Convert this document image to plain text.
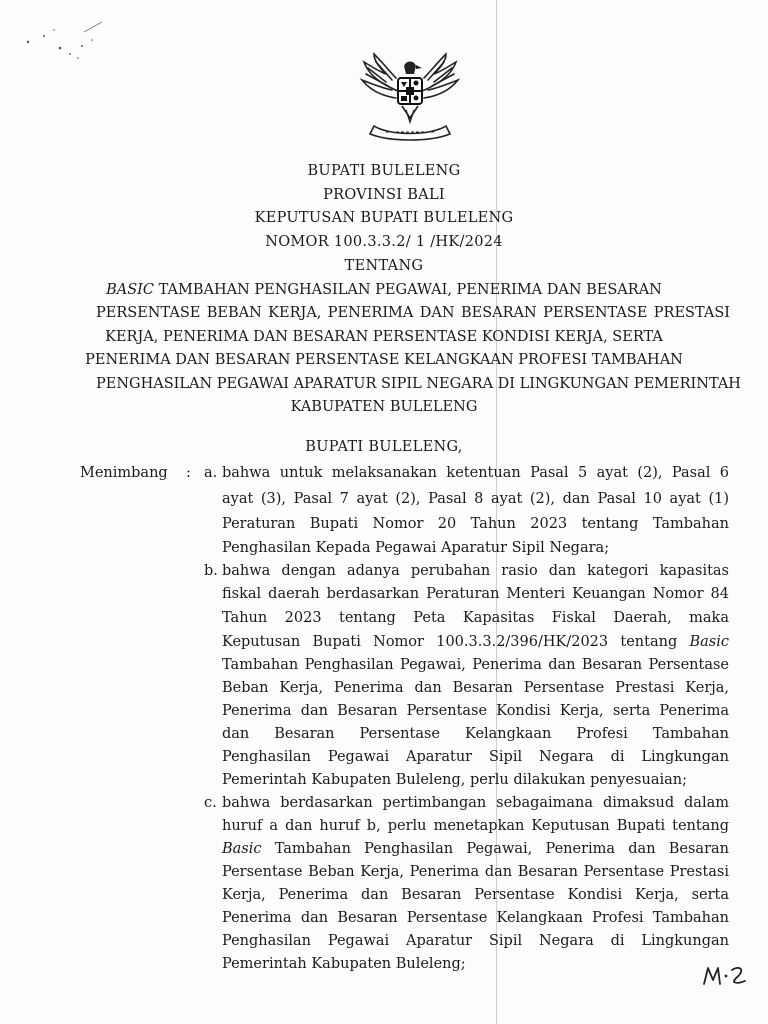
BUPATI BULELENG
PROVINSI BALI
KEPUTUSAN BUPATI BULELENG
NOMOR 100.3.3.2/ 1 /HK/2024
TENTANG
BASIC TAMBAHAN PENGHASILAN PEGAWAI, PENERIMA DAN BESARAN
PERSENTASE BEBAN KERJA, PENERIMA DAN BESARAN PERSENTASE PRESTASI
KERJA, PENERIMA DAN BESARAN PERSENTASE KONDISI KERJA, SERTA
PENERIMA DAN BESARAN PERSENTASE KELANGKAAN PROFESI TAMBAHAN
PENGHASILAN PEGAWAI APARATUR SIPIL NEGARA DI LINGKUNGAN PEMERINTAH
KABUPATEN BULELENG
BUPATI BULELENG,
Menimbang : a. bahwa untuk melaksanakan ketentuan Pasal 5 ayat (2), Pasal 6
ayat (3), Pasal 7 ayat (2), Pasal 8 ayat (2), dan Pasal 10 ayat (1)
Peraturan Bupati Nomor 20 Tahun 2023 tentang Tambahan
Penghasilan Kepada Pegawai Aparatur Sipil Negara;
b. bahwa dengan adanya perubahan rasio dan kategori kapasitas
fiskal daerah berdasarkan Peraturan Menteri Keuangan Nomor 84
Tahun 2023 tentang Peta Kapasitas Fiskal Daerah, maka
Keputusan Bupati Nomor 100.3.3.2/396/HK/2023 tentang Basic
Tambahan Penghasilan Pegawai, Penerima dan Besaran Persentase
Beban Kerja, Penerima dan Besaran Persentase Prestasi Kerja,
Penerima dan Besaran Persentase Kondisi Kerja, serta Penerima
dan Besaran Persentase Kelangkaan Profesi Tambahan
Penghasilan Pegawai Aparatur Sipil Negara di Lingkungan
Pemerintah Kabupaten Buleleng, perlu dilakukan penyesuaian;
c. bahwa berdasarkan pertimbangan sebagaimana dimaksud dalam
huruf a dan huruf b, perlu menetapkan Keputusan Bupati tentang
Basic Tambahan Penghasilan Pegawai, Penerima dan Besaran
Persentase Beban Kerja, Penerima dan Besaran Persentase Prestasi
Kerja, Penerima dan Besaran Persentase Kondisi Kerja, serta
Penerima dan Besaran Persentase Kelangkaan Profesi Tambahan
Penghasilan Pegawai Aparatur Sipil Negara di Lingkungan
Pemerintah Kabupaten Buleleng;
